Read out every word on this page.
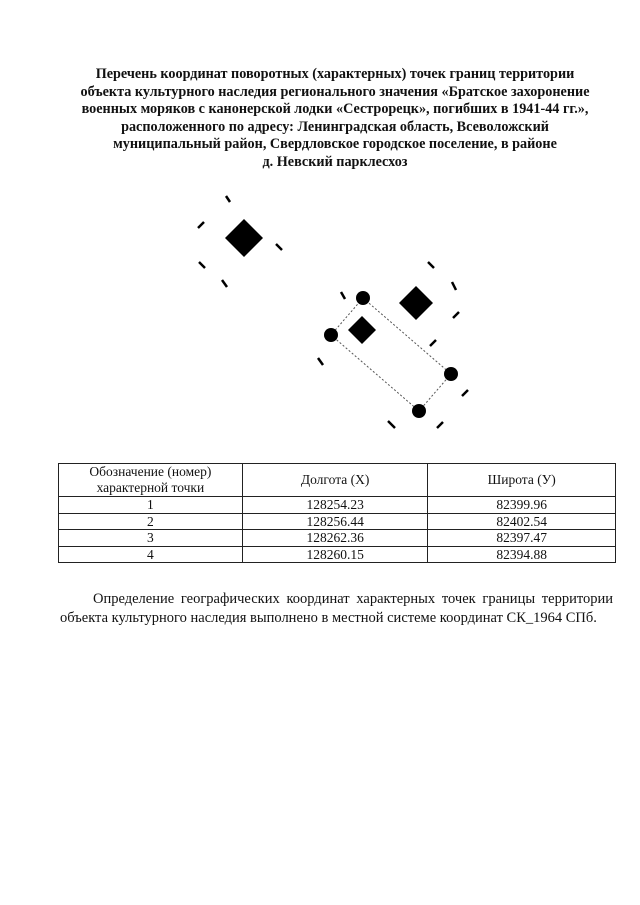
Перечень координат поворотных (характерных) точек границ территории
объекта культурного наследия регионального значения «Братское захоронение
военных моряков с канонерской лодки «Сестрорецк», погибших в 1941-44 гг.»,
расположенного по адресу: Ленинградская область, Всеволожский
муниципальный район, Свердловское городское поселение, в районе
д. Невский парклесхоз
Обозначение (номер)
характерной точки	Долгота (X)	Широта (У)
1	128254.23	82399.96
2	128256.44	82402.54
3	128262.36	82397.47
4	128260.15	82394.88

Определение географических координат характерных точек границы территории объекта культурного наследия выполнено в местной системе координат СК_1964 СПб.
